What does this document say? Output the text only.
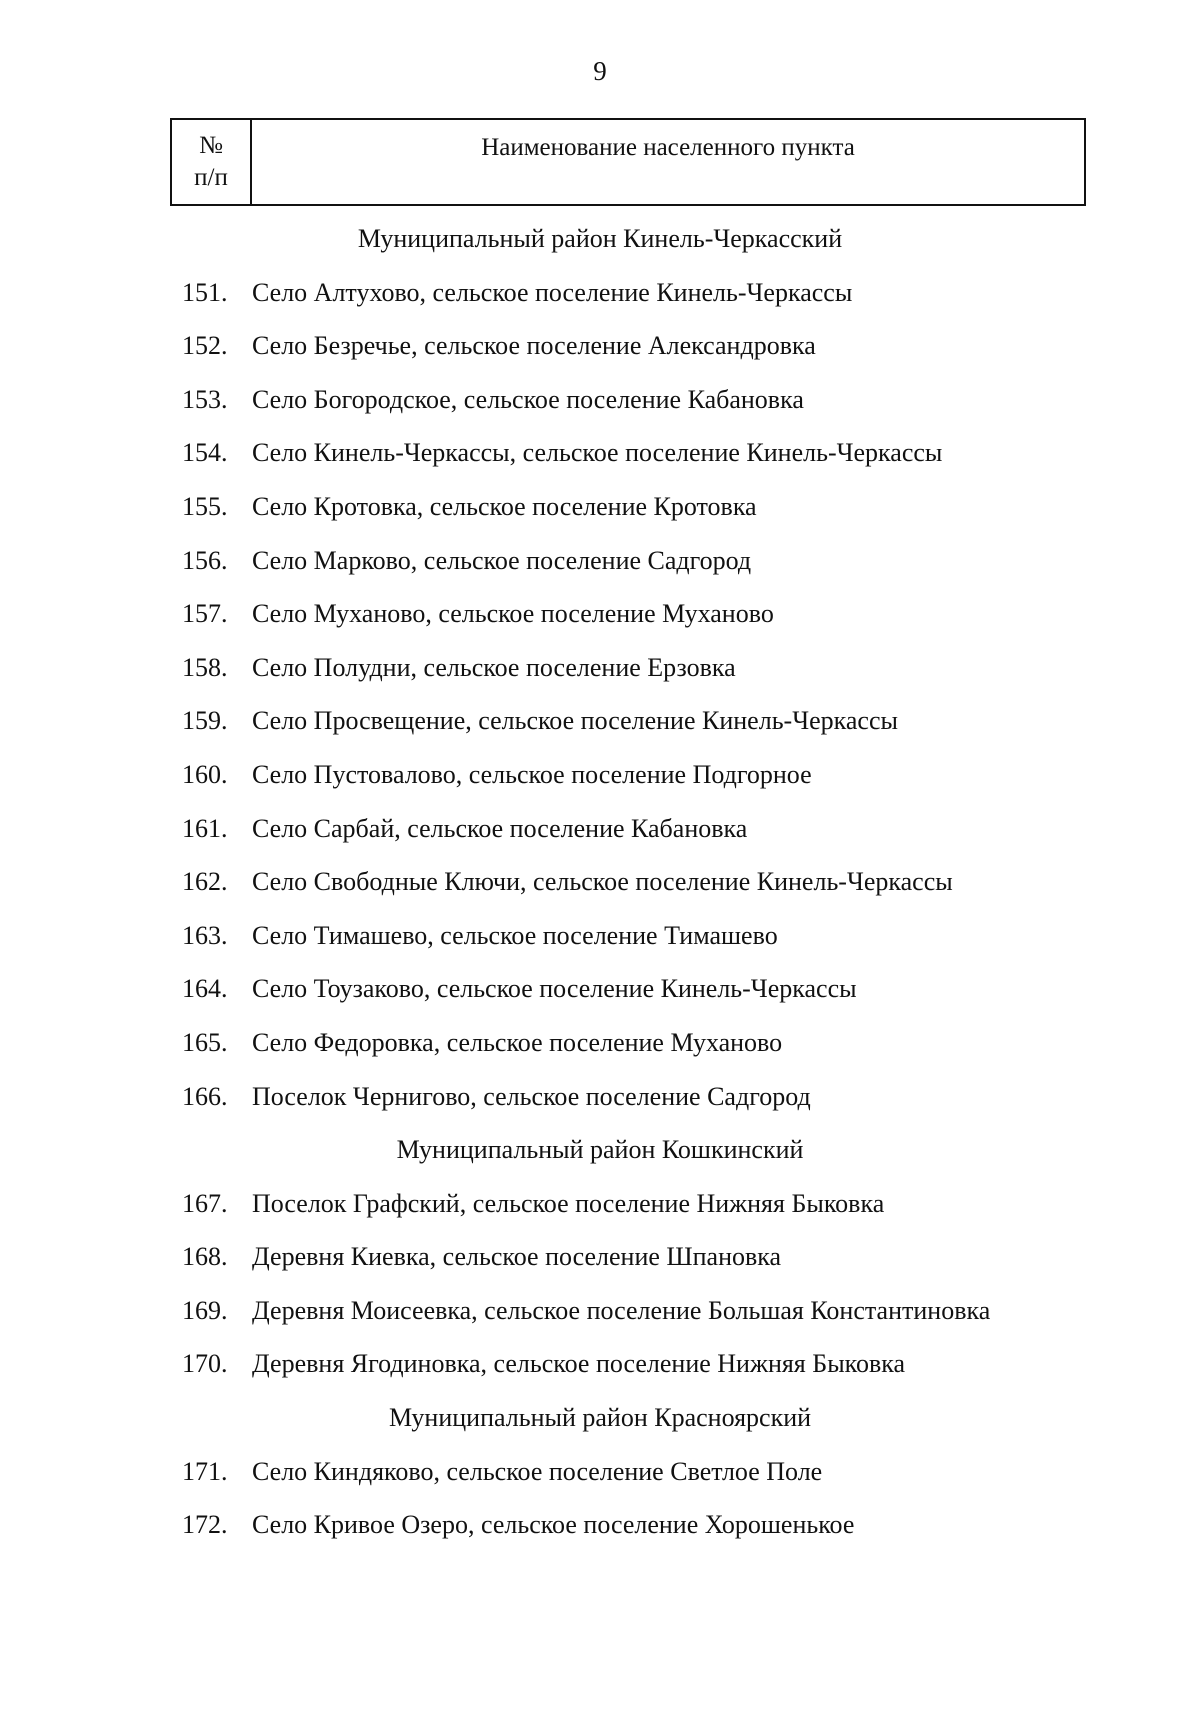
9
№
п/п
Наименование населенного пункта
Муниципальный район Кинель-Черкасский
151. Село Алтухово, сельское поселение Кинель-Черкассы
152. Село Безречье, сельское поселение Александровка
153. Село Богородское, сельское поселение Кабановка
154. Село Кинель-Черкассы, сельское поселение Кинель-Черкассы
155. Село Кротовка, сельское поселение Кротовка
156. Село Марково, сельское поселение Садгород
157. Село Муханово, сельское поселение Муханово
158. Село Полудни, сельское поселение Ерзовка
159. Село Просвещение, сельское поселение Кинель-Черкассы
160. Село Пустовалово, сельское поселение Подгорное
161. Село Сарбай, сельское поселение Кабановка
162. Село Свободные Ключи, сельское поселение Кинель-Черкассы
163. Село Тимашево, сельское поселение Тимашево
164. Село Тоузаково, сельское поселение Кинель-Черкассы
165. Село Федоровка, сельское поселение Муханово
166. Поселок Чернигово, сельское поселение Садгород
Муниципальный район Кошкинский
167. Поселок Графский, сельское поселение Нижняя Быковка
168. Деревня Киевка, сельское поселение Шпановка
169. Деревня Моисеевка, сельское поселение Большая Константиновка
170. Деревня Ягодиновка, сельское поселение Нижняя Быковка
Муниципальный район Красноярский
171. Село Киндяково, сельское поселение Светлое Поле
172. Село Кривое Озеро, сельское поселение Хорошенькое
